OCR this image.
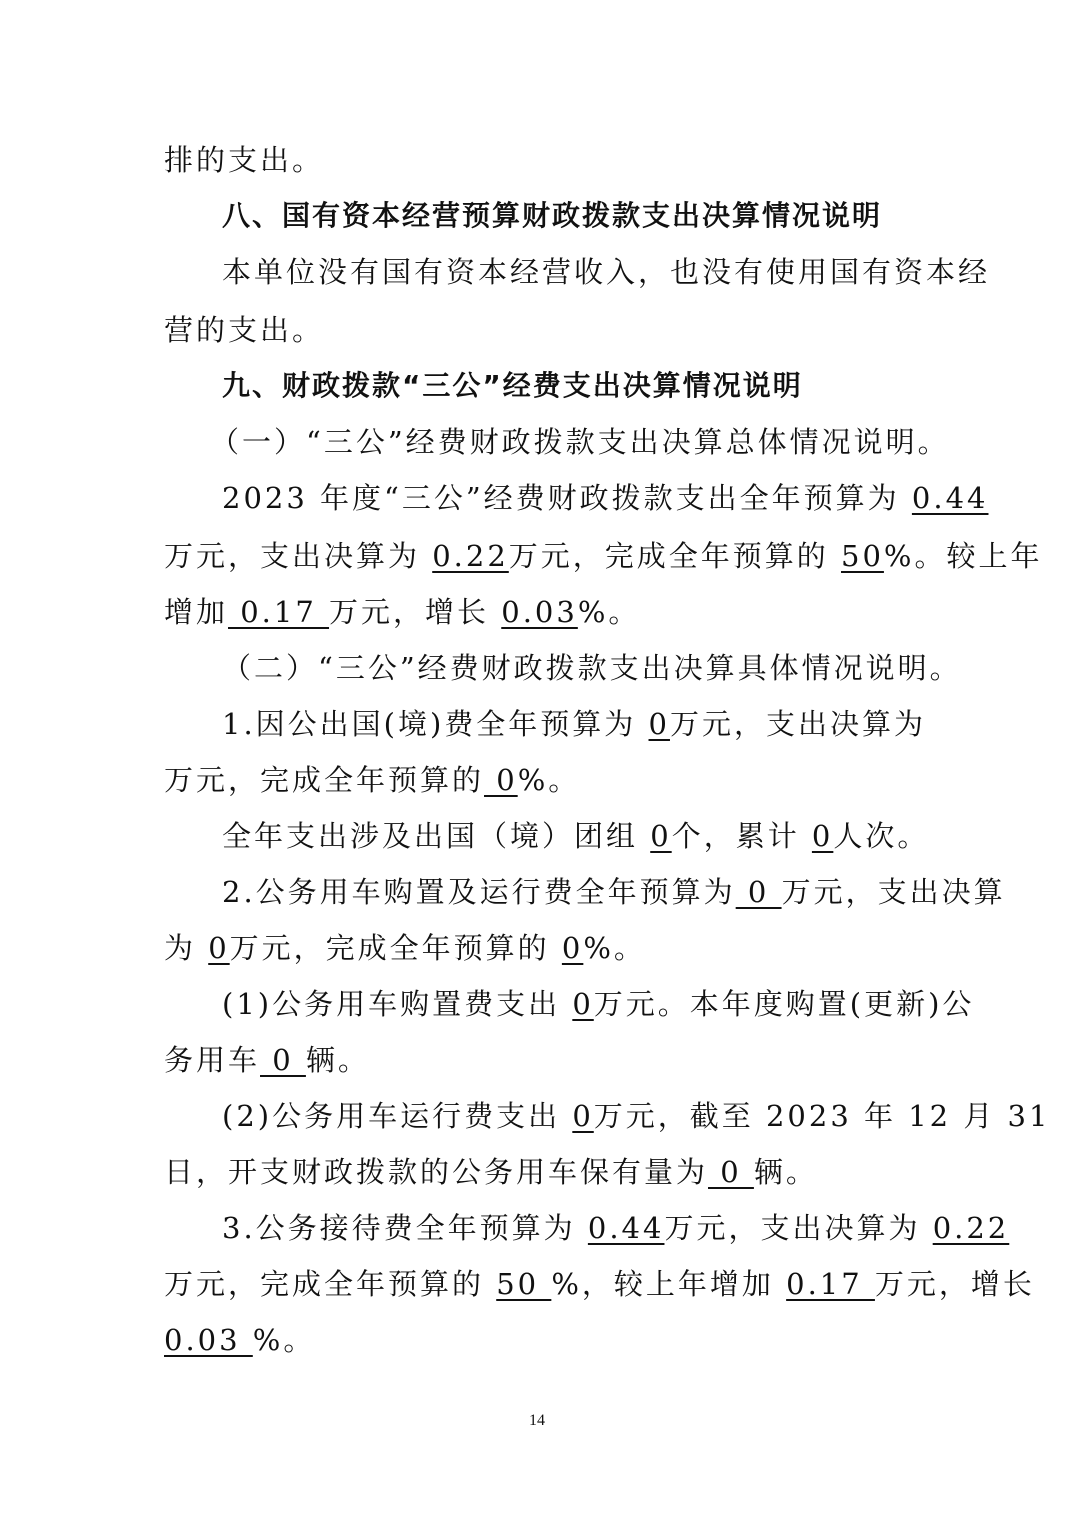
排的支出。
八、国有资本经营预算财政拨款支出决算情况说明
本单位没有国有资本经营收入，也没有使用国有资本经
营的支出。
九、财政拨款“三公”经费支出决算情况说明
（一）“三公”经费财政拨款支出决算总体情况说明。
2023 年度“三公”经费财政拨款支出全年预算为 0.44
万元，支出决算为 0.22万元，完成全年预算的 50%。较上年
增加 0.17 万元，增长 0.03%。
（二）“三公”经费财政拨款支出决算具体情况说明。
1.因公出国(境)费全年预算为 0万元，支出决算为
万元，完成全年预算的 0%。
全年支出涉及出国（境）团组 0个，累计 0人次。
2.公务用车购置及运行费全年预算为 0 万元，支出决算
为 0万元，完成全年预算的 0%。
(1)公务用车购置费支出 0万元。本年度购置(更新)公
务用车 0 辆。
(2)公务用车运行费支出 0万元，截至 2023 年 12 月 31
日，开支财政拨款的公务用车保有量为 0 辆。
3.公务接待费全年预算为 0.44万元，支出决算为 0.22
万元，完成全年预算的 50 %，较上年增加 0.17 万元，增长
0.03 %。
14
